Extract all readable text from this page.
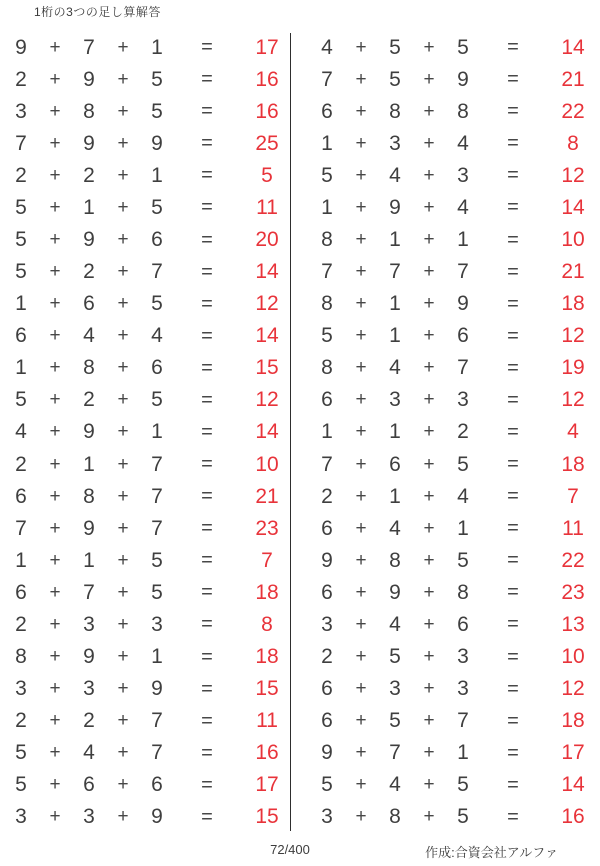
1桁の3つの足し算解答
9	+	7	+	1	=	17
2	+	9	+	5	=	16
3	+	8	+	5	=	16
7	+	9	+	9	=	25
2	+	2	+	1	=	5
5	+	1	+	5	=	11
5	+	9	+	6	=	20
5	+	2	+	7	=	14
1	+	6	+	5	=	12
6	+	4	+	4	=	14
1	+	8	+	6	=	15
5	+	2	+	5	=	12
4	+	9	+	1	=	14
2	+	1	+	7	=	10
6	+	8	+	7	=	21
7	+	9	+	7	=	23
1	+	1	+	5	=	7
6	+	7	+	5	=	18
2	+	3	+	3	=	8
8	+	9	+	1	=	18
3	+	3	+	9	=	15
2	+	2	+	7	=	11
5	+	4	+	7	=	16
5	+	6	+	6	=	17
3	+	3	+	9	=	15
4	+	5	+	5	=	14
7	+	5	+	9	=	21
6	+	8	+	8	=	22
1	+	3	+	4	=	8
5	+	4	+	3	=	12
1	+	9	+	4	=	14
8	+	1	+	1	=	10
7	+	7	+	7	=	21
8	+	1	+	9	=	18
5	+	1	+	6	=	12
8	+	4	+	7	=	19
6	+	3	+	3	=	12
1	+	1	+	2	=	4
7	+	6	+	5	=	18
2	+	1	+	4	=	7
6	+	4	+	1	=	11
9	+	8	+	5	=	22
6	+	9	+	8	=	23
3	+	4	+	6	=	13
2	+	5	+	3	=	10
6	+	3	+	3	=	12
6	+	5	+	7	=	18
9	+	7	+	1	=	17
5	+	4	+	5	=	14
3	+	8	+	5	=	16
72/400	作成:合資会社アルファ
